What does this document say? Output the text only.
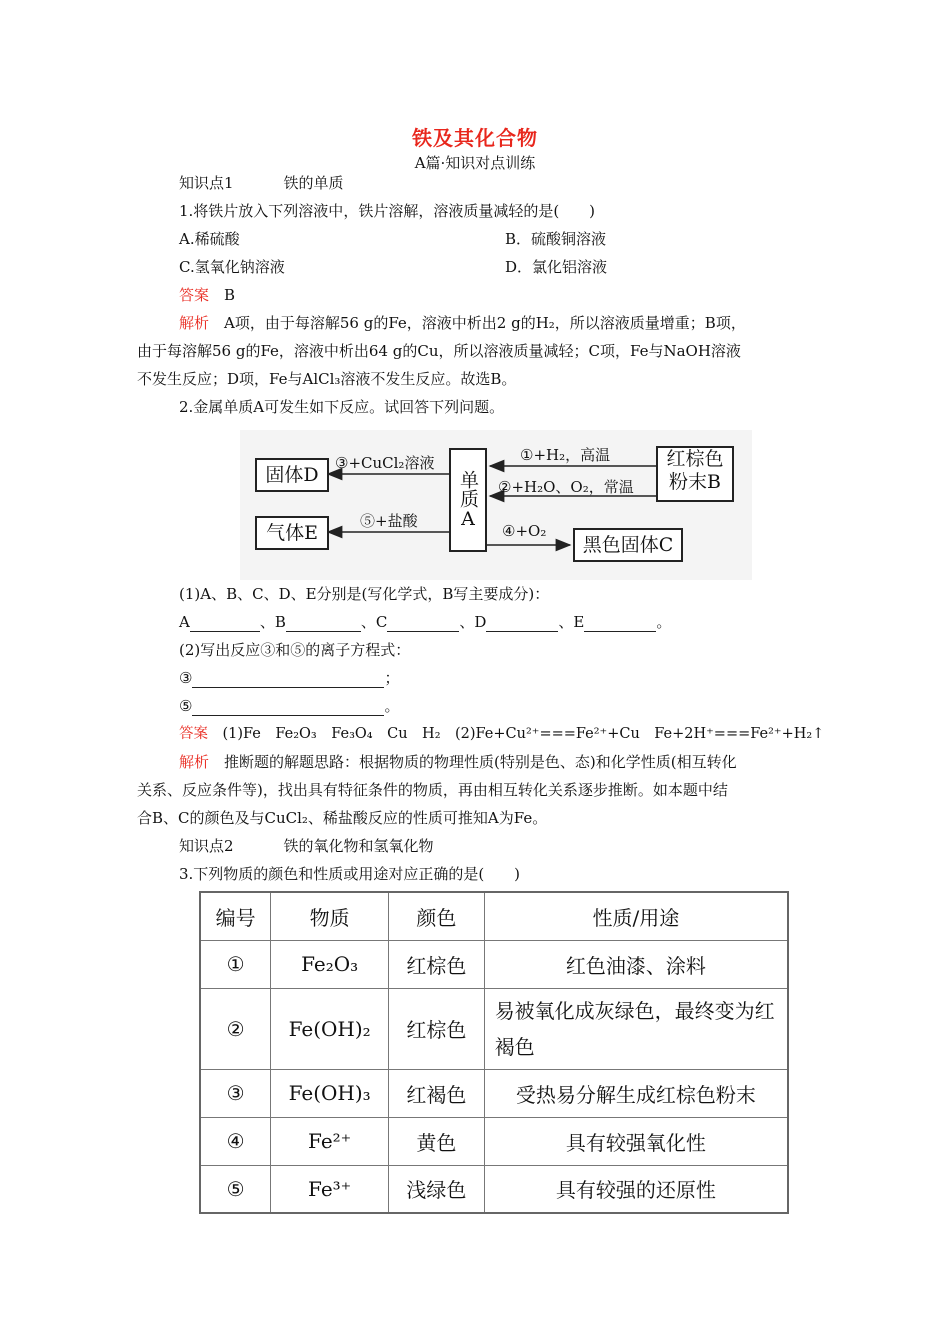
铁及其化合物
A篇·知识对点训练
知识点1	铁的单质
1.将铁片放入下列溶液中，铁片溶解，溶液质量减轻的是(　　)
A.稀硫酸	B．硫酸铜溶液
C.氢氧化钠溶液	D．氯化铝溶液
答案　 B
解析　 A项，由于每溶解56 g的Fe，溶液中析出2 g的H₂，所以溶液质量增重；B项，
由于每溶解56 g的Fe，溶液中析出64 g的Cu，所以溶液质量减轻；C项，Fe与NaOH溶液
不发生反应；D项，Fe与AlCl₃溶液不发生反应。故选B。
2.金属单质A可发生如下反应。试回答下列问题。
固体D
气体E
单质A
红棕色粉末B
黑色固体C
③+CuCl₂溶液
⑤+盐酸
①+H₂，高温
②+H₂O、O₂，常温
④+O₂
(1)A、B、C、D、E分别是(写化学式，B写主要成分)：
A	、B	、C	、D	、E	。
(2)写出反应③和⑤的离子方程式：
③	；
⑤	。
答案　 (1)Fe　Fe₂O₃　Fe₃O₄　Cu　H₂　(2)Fe+Cu²⁺===Fe²⁺+Cu　Fe+2H⁺===Fe²⁺+H₂↑
解析　 推断题的解题思路：根据物质的物理性质(特别是色、态)和化学性质(相互转化
关系、反应条件等)，找出具有特征条件的物质，再由相互转化关系逐步推断。如本题中结
合B、C的颜色及与CuCl₂、稀盐酸反应的性质可推知A为Fe。
知识点2	铁的氧化物和氢氧化物
3.下列物质的颜色和性质或用途对应正确的是(　　)
编号	物质	颜色	性质/用途
①	Fe₂O₃	红棕色	红色油漆、涂料
②	Fe(OH)₂	红棕色	易被氧化成灰绿色，最终变为红褐色
③	Fe(OH)₃	红褐色	受热易分解生成红棕色粉末
④	Fe²⁺	黄色	具有较强氧化性
⑤	Fe³⁺	浅绿色	具有较强的还原性
